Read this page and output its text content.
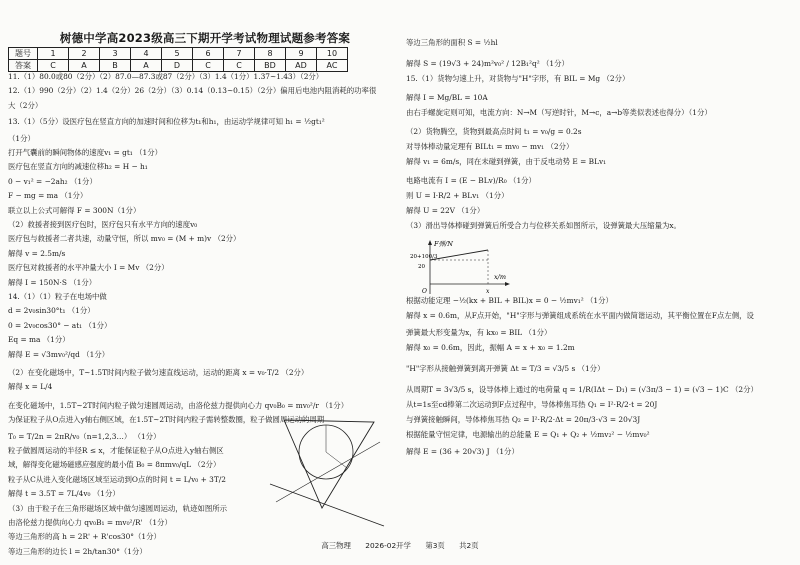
树德中学高2023级高三下期开学考试物理试题参考答案
题号	1	2	3	4	5	6	7	8	9	10
答案	C	A	B	A	D	C	C	BD	AD	AC
11.（1）80.0或80（2分）（2）87.0—87.3或87（2分）（3）1.4（1分）1.37~1.43）（2分）
12.（1）990（2分）（2）1.4（2分）26（2分）（3）0.14（0.13~0.15）（2分）偏用后电池内阻消耗的功率很
大（2分）
13.（1）（5分）设医疗包在竖直方向的加速时间和位移为t₁和h₁，由运动学规律可知 h₁ = ½gt₁²
（1分）
打开气囊前的瞬间物体的速度v₁ = gt₁ （1分）
医疗包在竖直方向的减速位移h₂ = H − h₁
0 − v₁² = −2ah₂ （1分）
F − mg = ma （1分）
联立以上公式可解得 F = 300N（1分）
（2）救援者接到医疗包时，医疗包只有水平方向的速度v₀
医疗包与救援者二者共速，动量守恒，所以 mv₀ = (M + m)v （2分）
解得 v = 2.5m/s
医疗包对救援者的水平冲量大小 I = Mv （2分）
解得 I = 150N·S （1分）
14.（1）（1）粒子在电场中做
d = 2v₀sin30°t₁ （1分）
0 = 2v₀cos30° − at₁ （1分）
Eq = ma （1分）
解得 E = √3mv₀²/qd （1分）
（2）在变化磁场中，T~1.5T时间内粒子做匀速直线运动，运动的距离 x = v₀·T/2 （2分）
解得 x = L/4
在变化磁场中，1.5T~2T时间内粒子做匀速圆周运动，由洛伦兹力提供向心力 qv₀B₀ = mv₀²/r （1分）
为保证粒子从O点进入y轴右侧区域，在1.5T~2T时间内粒子需转整数圈，粒子做圆周运动的周期
T₀ = T/2n = 2πR/v₀（n=1,2,3…） （1分）
粒子做圆周运动的半径R ≤ x，才能保证粒子从O点进入y轴右侧区
域，解得变化磁场磁感应强度的最小值 B₀ = 8πmv₀/qL （2分）
粒子从C从进入变化磁场区域至运动到O点的时间 t = L/v₀ + 3T/2
解得 t = 3.5T = 7L/4v₀ （1分）
（3）由于粒子在三角形磁场区域中做匀速圆周运动，轨迹如图所示
由洛伦兹力提供向心力 qv₀B₁ = mv₀²/R' （1分）
等边三角形的高 h = 2R' + R'cos30°（1分）
等边三角形的边长 l = 2h/tan30°（1分）
等边三角形的面积 S = ½hl
解得 S = (19√3 + 24)m²v₀² / 12B₁²q² （1分）
15.（1）货物匀速上升，对货物与"H"字形，有 BIL = Mg （2分）
解得 I = Mg/BL = 10A
由右手螺旋定则可知，电流方向：N→M（写逆时针，M→c，a→b等类似表述也得分）（1分）
（2）货物腾空，货物到最高点时间 t₁ = v₀/g = 0.2s
对导体棒动量定理有 BILt₁ = mv₀ − mv₁ （2分）
解得 v₁ = 6m/s，同在未碰到弹簧，由于反电动势 E = BLv₁
电路电流有 I = (E − BLv)/R₀ （1分）
则 U = I·R/2 + BLv₁ （1分）
解得 U = 22V （1分）
（3）滑出导体棒碰到弹簧后所受合力与位移关系如图所示，设弹簧最大压缩量为x。
根据动能定理 −½(kx + BIL + BIL)x = 0 − ½mv₁² （1分）
解得 x = 0.6m，从F点开始，"H"字形与弹簧组成系统在水平面内做简谐运动，其平衡位置在F点左侧，设
弹簧最大形变量为x，有 kx₀ = BIL （1分）
解得 x₀ = 0.6m，因此，振幅 A = x + x₀ = 1.2m
"H"字形从接触弹簧到离开弹簧 Δt = T/3 = √3/5 s （1分）
从周期T = 3√3/5 s，设导体棒上通过的电荷量 q = 1/R(IΔt − D₁) = (√3π/3 − 1) = (√3 − 1)C （2分）
从t=1s至cd棒第二次运动到F点过程中，导体棒焦耳热 Q₁ = I²·R/2·t = 20J
与弹簧接触瞬间，导体棒焦耳热 Q₂ = I²·R/2·Δt = 20π/3·√3 = 20√3J
根据能量守恒定律，电源输出的总能量 E = Q₁ + Q₂ + ½mv₂² − ½mv₀²
解得 E = (36 + 20√3) J （1分）
F弹/N
x/m
20+100/3
20
O	x
高三物理 2026-02开学 第3页 共2页
